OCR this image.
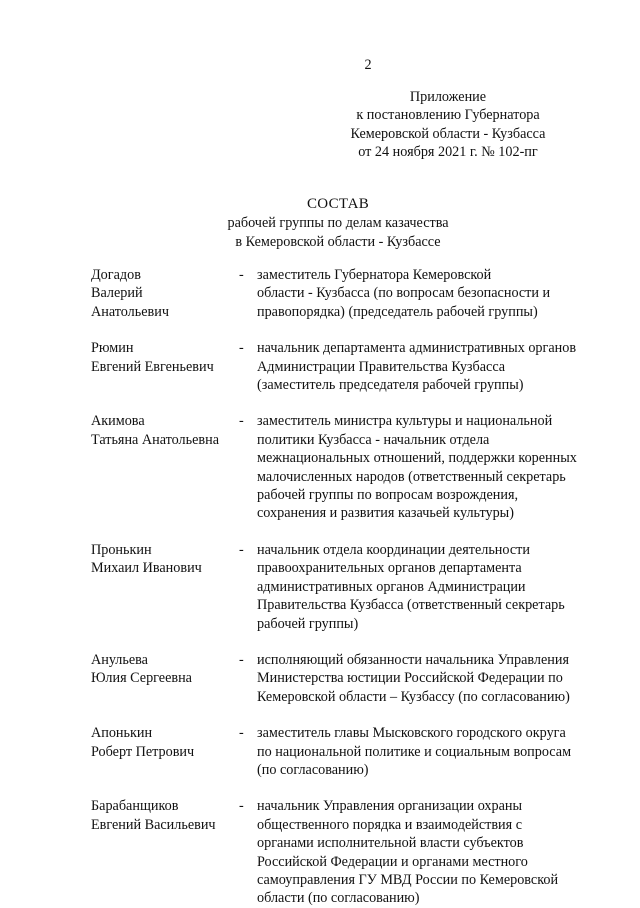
2
Приложение
к постановлению Губернатора
Кемеровской области - Кузбасса
от 24 ноября 2021 г. № 102-пг
СОСТАВ
рабочей группы по делам казачества
в Кемеровской области - Кузбассе
Догадов
Валерий
Анатольевич
- заместитель Губернатора Кемеровской
области - Кузбасса (по вопросам безопасности и
правопорядка) (председатель рабочей группы)
Рюмин
Евгений Евгеньевич
- начальник департамента административных органов
Администрации Правительства Кузбасса
(заместитель председателя рабочей группы)
Акимова
Татьяна Анатольевна
- заместитель министра культуры и национальной
политики Кузбасса - начальник отдела
межнациональных отношений, поддержки коренных
малочисленных народов (ответственный секретарь
рабочей группы по вопросам возрождения,
сохранения и развития казачьей культуры)
Пронькин
Михаил Иванович
- начальник отдела координации деятельности
правоохранительных органов департамента
административных органов Администрации
Правительства Кузбасса (ответственный секретарь
рабочей группы)
Анульева
Юлия Сергеевна
- исполняющий обязанности начальника Управления
Министерства юстиции Российской Федерации по
Кемеровской области – Кузбассу (по согласованию)
Апонькин
Роберт Петрович
- заместитель главы Мысковского городского округа
по национальной политике и социальным вопросам
(по согласованию)
Барабанщиков
Евгений Васильевич
- начальник Управления организации охраны
общественного порядка и взаимодействия с
органами исполнительной власти субъектов
Российской Федерации и органами местного
самоуправления ГУ МВД России по Кемеровской
области (по согласованию)
